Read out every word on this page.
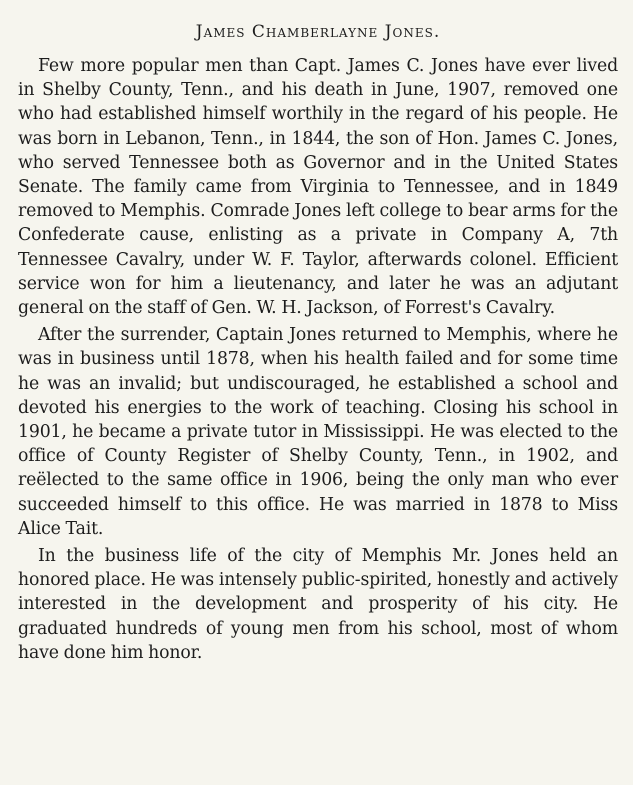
James Chamberlayne Jones.

Few more popular men than Capt. James C. Jones have ever lived in Shelby County, Tenn., and his death in June, 1907, removed one who had established himself worthily in the regard of his people. He was born in Lebanon, Tenn., in 1844, the son of Hon. James C. Jones, who served Tennessee both as Governor and in the United States Senate. The family came from Virginia to Tennessee, and in 1849 removed to Memphis. Comrade Jones left college to bear arms for the Confederate cause, enlisting as a private in Company A, 7th Tennessee Cavalry, under W. F. Taylor, afterwards colonel. Efficient service won for him a lieutenancy, and later he was an adjutant general on the staff of Gen. W. H. Jackson, of Forrest's Cavalry.

After the surrender, Captain Jones returned to Memphis, where he was in business until 1878, when his health failed and for some time he was an invalid; but undiscouraged, he established a school and devoted his energies to the work of teaching. Closing his school in 1901, he became a private tutor in Mississippi. He was elected to the office of County Register of Shelby County, Tenn., in 1902, and reëlected to the same office in 1906, being the only man who ever succeeded himself to this office. He was married in 1878 to Miss Alice Tait.

In the business life of the city of Memphis Mr. Jones held an honored place. He was intensely public-spirited, honestly and actively interested in the development and prosperity of his city. He graduated hundreds of young men from his school, most of whom have done him honor.
